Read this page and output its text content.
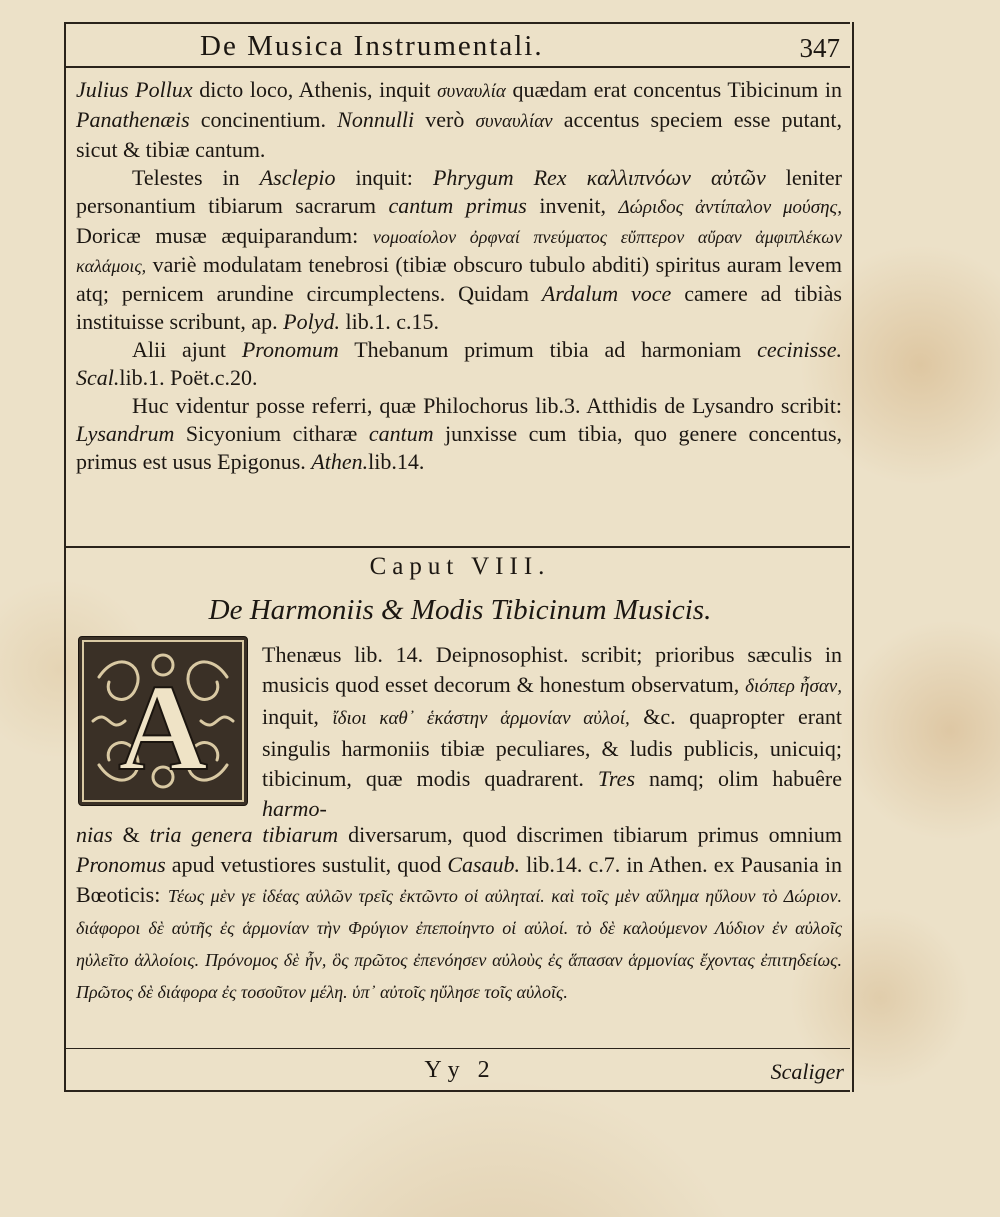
De Musica Instrumentali.	347

Julius Pollux dicto loco, Athenis, inquit συναυλία quædam erat concentus Tibicinum in Panathenæis concinentium. Nonnulli verò συναυλίαν accentus speciem esse putant, sicut & tibiæ cantum.

Telestes in Asclepio inquit: Phrygum Rex καλλιπνόων αὐτῶν leniter personantium tibiarum sacrarum cantum primus invenit, Δώριδος ἀντίπαλον μούσης, Doricæ musæ æquiparandum: νομοαίολον ὀρφναί πνεύματος εὔπτερον αὔραν ἀμφιπλέκων καλάμοις, variè modulatam tenebrosi (tibiæ obscuro tubulo abditi) spiritus auram levem atq; pernicem arundine circumplectens. Quidam Ardalum voce camere ad tibiàs instituisse scribunt, ap. Polyd. lib.1. c.15.

Alii ajunt Pronomum Thebanum primum tibia ad harmoniam cecinisse. Scal.lib.1. Poët.c.20.

Huc videntur posse referri, quæ Philochorus lib.3. Atthidis de Lysandro scribit: Lysandrum Sicyonium citharæ cantum junxisse cum tibia, quo genere concentus, primus est usus Epigonus. Athen.lib.14.

Caput VIII.
De Harmoniis & Modis Tibicinum Musicis.
A

Thenæus lib. 14. Deipnosophist. scribit; prioribus sæculis in musicis quod esset decorum & honestum observatum, διόπερ ἦσαν, inquit, ἴδιοι καθ᾽ ἑκάστην ἁρμονίαν αὐλοί, &c. quapropter erant singulis harmoniis tibiæ peculiares, & ludis publicis, unicuiq; tibicinum, quæ modis quadrarent. Tres namq; olim habuêre harmo-

nias & tria genera tibiarum diversarum, quod discrimen tibiarum primus omnium Pronomus apud vetustiores sustulit, quod Casaub. lib.14. c.7. in Athen. ex Pausania in Bœoticis: Τέως μὲν γε ἰδέας αὐλῶν τρεῖς ἐκτῶντο οἱ αὐληταί. καὶ τοῖς μὲν αὔλημα ηὔλουν τὸ Δώριον. διάφοροι δὲ αὐτῆς ἐς ἁρμονίαν τὴν Φρύγιον ἐπεποίηντο οἱ αὐλοί. τὸ δὲ καλούμενον Λύδιον ἐν αὐλοῖς ηὐλεῖτο ἀλλοίοις. Πρόνομος δὲ ἦν, ὃς πρῶτος ἐπενόησεν αὐλοὺς ἐς ἅπασαν ἁρμονίας ἔχοντας ἐπιτηδείως. Πρῶτος δὲ διάφορα ἐς τοσοῦτον μέλη. ὑπ᾽ αὐτοῖς ηὔλησε τοῖς αὐλοῖς.

Yy 2	Scaliger
